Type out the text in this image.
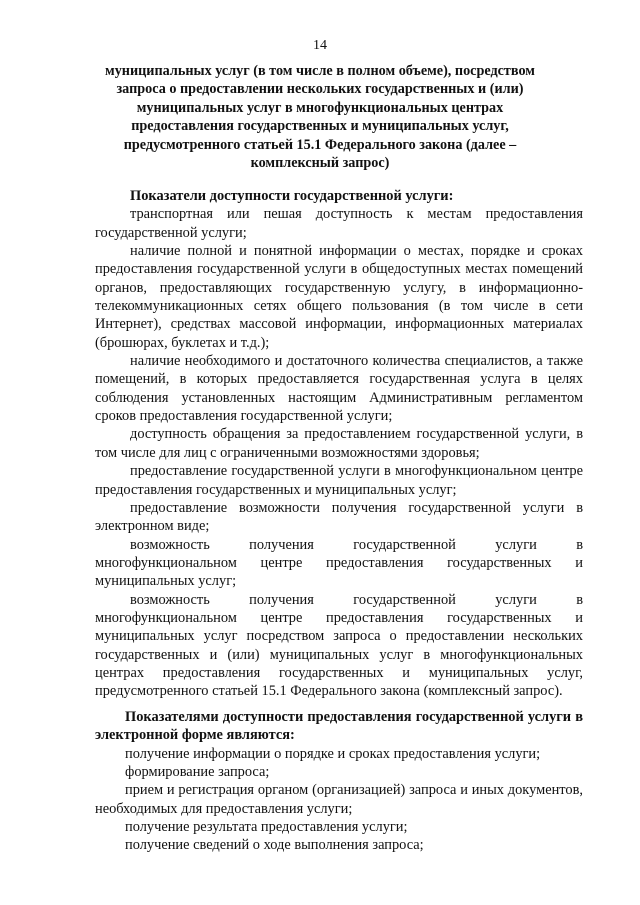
14
муниципальных услуг (в том числе в полном объеме), посредством
запроса о предоставлении нескольких государственных и (или)
муниципальных услуг в многофункциональных центрах
предоставления государственных и муниципальных услуг,
предусмотренного статьей 15.1 Федерального закона (далее –
комплексный запрос)

Показатели доступности государственной услуги:

транспортная или пешая доступность к местам предоставления государственной услуги;

наличие полной и понятной информации о местах, порядке и сроках предоставления государственной услуги в общедоступных местах помещений органов, предоставляющих государственную услугу, в информационно-телекоммуникационных сетях общего пользования (в том числе в сети Интернет), средствах массовой информации, информационных материалах (брошюрах, буклетах и т.д.);

наличие необходимого и достаточного количества специалистов, а также помещений, в которых предоставляется государственная услуга в целях соблюдения установленных настоящим Административным регламентом сроков предоставления государственной услуги;

доступность обращения за предоставлением государственной услуги, в том числе для лиц с ограниченными возможностями здоровья;

предоставление государственной услуги в многофункциональном центре предоставления государственных и муниципальных услуг;

предоставление возможности получения государственной услуги в электронном виде;

возможность получения государственной услуги в многофункциональном центре предоставления государственных и муниципальных услуг;

возможность получения государственной услуги в многофункциональном центре предоставления государственных и муниципальных услуг посредством запроса о предоставлении нескольких государственных и (или) муниципальных услуг в многофункциональных центрах предоставления государственных и муниципальных услуг, предусмотренного статьей 15.1 Федерального закона (комплексный запрос).

Показателями доступности предоставления государственной услуги в электронной форме являются:

получение информации о порядке и сроках предоставления услуги;

формирование запроса;

прием и регистрация органом (организацией) запроса и иных документов, необходимых для предоставления услуги;

получение результата предоставления услуги;

получение сведений о ходе выполнения запроса;
